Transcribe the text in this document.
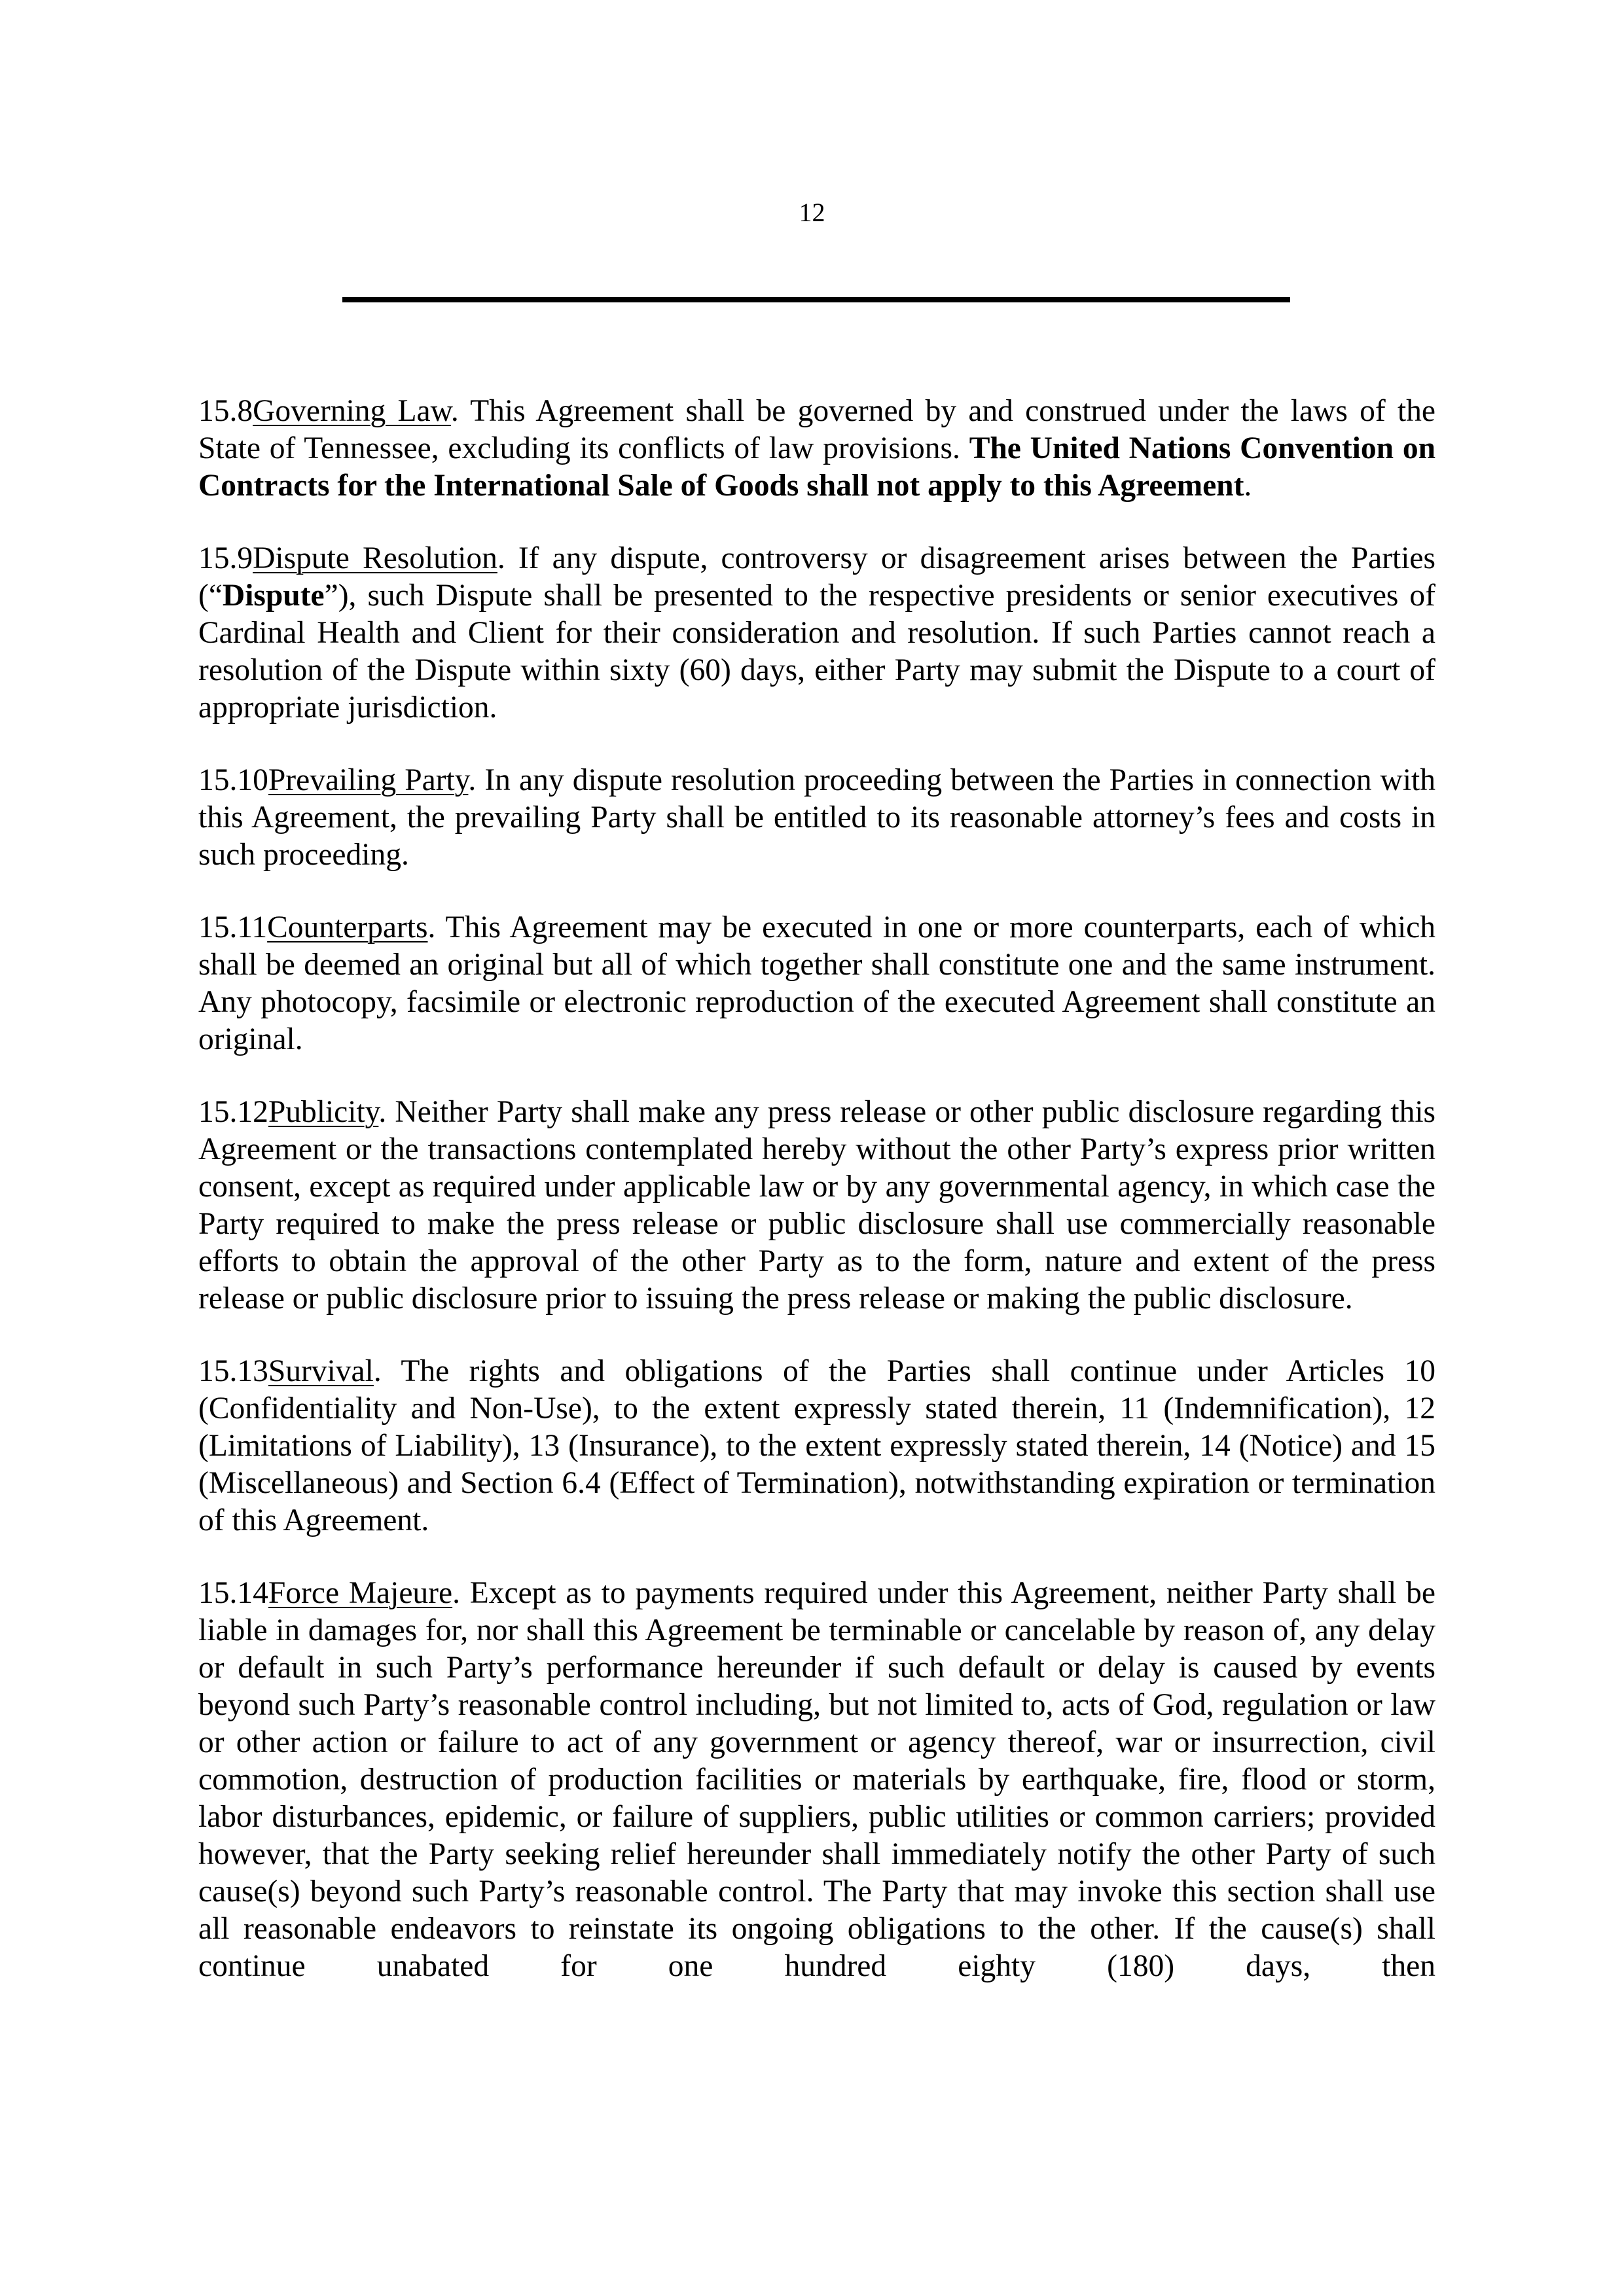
12

15.8Governing Law. This Agreement shall be governed by and construed under the laws of the State of Tennessee, excluding its conflicts of law provisions. The United Nations Convention on Contracts for the International Sale of Goods shall not apply to this Agreement.

15.9Dispute Resolution. If any dispute, controversy or disagreement arises between the Parties (“Dispute”), such Dispute shall be presented to the respective presidents or senior executives of Cardinal Health and Client for their consideration and resolution. If such Parties cannot reach a resolution of the Dispute within sixty (60) days, either Party may submit the Dispute to a court of appropriate jurisdiction.

15.10Prevailing Party. In any dispute resolution proceeding between the Parties in connection with this Agreement, the prevailing Party shall be entitled to its reasonable attorney’s fees and costs in such proceeding.

15.11Counterparts. This Agreement may be executed in one or more counterparts, each of which shall be deemed an original but all of which together shall constitute one and the same instrument. Any photocopy, facsimile or electronic reproduction of the executed Agreement shall constitute an original.

15.12Publicity. Neither Party shall make any press release or other public disclosure regarding this Agreement or the transactions contemplated hereby without the other Party’s express prior written consent, except as required under applicable law or by any governmental agency, in which case the Party required to make the press release or public disclosure shall use commercially reasonable efforts to obtain the approval of the other Party as to the form, nature and extent of the press release or public disclosure prior to issuing the press release or making the public disclosure.

15.13Survival. The rights and obligations of the Parties shall continue under Articles 10 (Confidentiality and Non-Use), to the extent expressly stated therein, 11 (Indemnification), 12 (Limitations of Liability), 13 (Insurance), to the extent expressly stated therein, 14 (Notice) and 15 (Miscellaneous) and Section 6.4 (Effect of Termination), notwithstanding expiration or termination of this Agreement.

15.14Force Majeure. Except as to payments required under this Agreement, neither Party shall be liable in damages for, nor shall this Agreement be terminable or cancelable by reason of, any delay or default in such Party’s performance hereunder if such default or delay is caused by events beyond such Party’s reasonable control including, but not limited to, acts of God, regulation or law or other action or failure to act of any government or agency thereof, war or insurrection, civil commotion, destruction of production facilities or materials by earthquake, fire, flood or storm, labor disturbances, epidemic, or failure of suppliers, public utilities or common carriers; provided however, that the Party seeking relief hereunder shall immediately notify the other Party of such cause(s) beyond such Party’s reasonable control. The Party that may invoke this section shall use all reasonable endeavors to reinstate its ongoing obligations to the other. If the cause(s) shall continue unabated for one hundred eighty (180) days, then
